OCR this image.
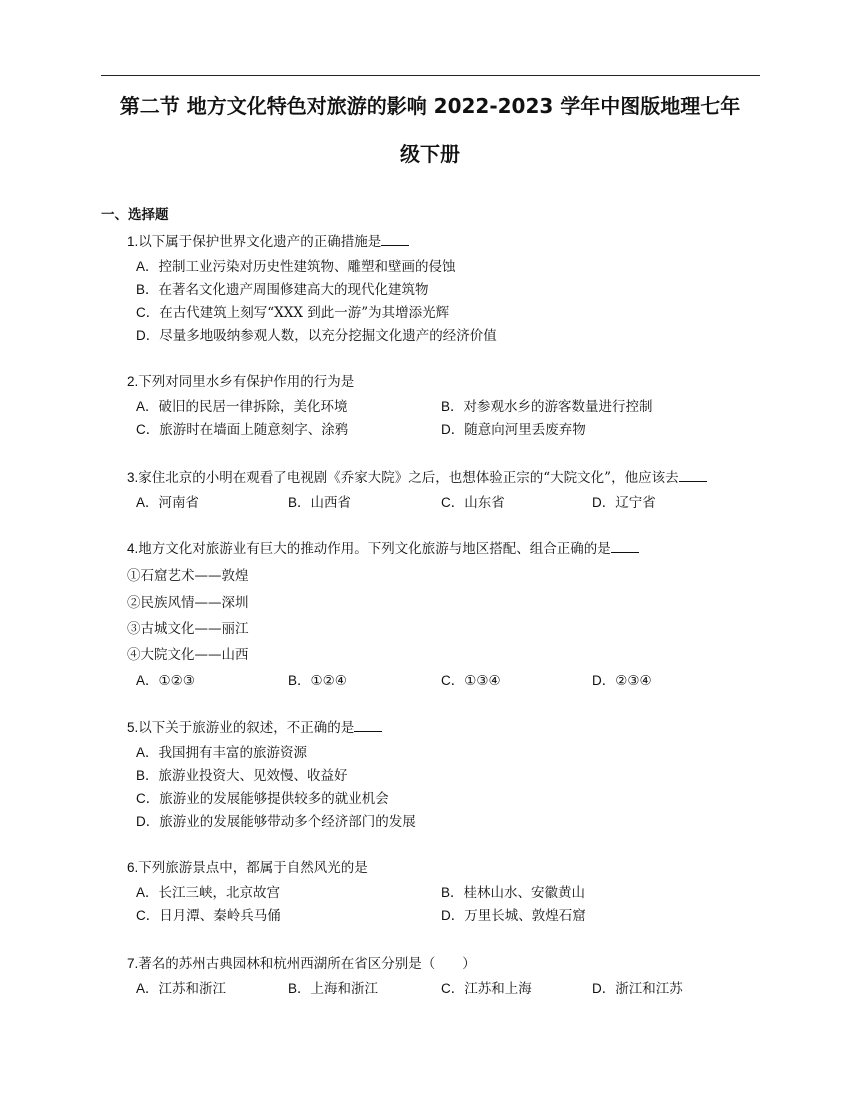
第二节 地方文化特色对旅游的影响 2022-2023 学年中图版地理七年
级下册
一、选择题
1.以下属于保护世界文化遗产的正确措施是
A．控制工业污染对历史性建筑物、雕塑和壁画的侵蚀
B．在著名文化遗产周围修建高大的现代化建筑物
C．在古代建筑上刻写“XXX 到此一游”为其增添光辉
D．尽量多地吸纳参观人数，以充分挖掘文化遗产的经济价值
2.下列对同里水乡有保护作用的行为是
A．破旧的民居一律拆除，美化环境	B．对参观水乡的游客数量进行控制
C．旅游时在墙面上随意刻字、涂鸦	D．随意向河里丢废弃物
3.家住北京的小明在观看了电视剧《乔家大院》之后，也想体验正宗的“大院文化”，他应该去
A．河南省	B．山西省	C．山东省	D．辽宁省
4.地方文化对旅游业有巨大的推动作用。下列文化旅游与地区搭配、组合正确的是
①石窟艺术——敦煌
②民族风情——深圳
③古城文化——丽江
④大院文化——山西
A．①②③	B．①②④	C．①③④	D．②③④
5.以下关于旅游业的叙述，不正确的是
A．我国拥有丰富的旅游资源
B．旅游业投资大、见效慢、收益好
C．旅游业的发展能够提供较多的就业机会
D．旅游业的发展能够带动多个经济部门的发展
6.下列旅游景点中，都属于自然风光的是
A．长江三峡，北京故宫	B．桂林山水、安徽黄山
C．日月潭、秦岭兵马俑	D．万里长城、敦煌石窟
7.著名的苏州古典园林和杭州西湖所在省区分别是（　　）
A．江苏和浙江	B．上海和浙江	C．江苏和上海	D．浙江和江苏
